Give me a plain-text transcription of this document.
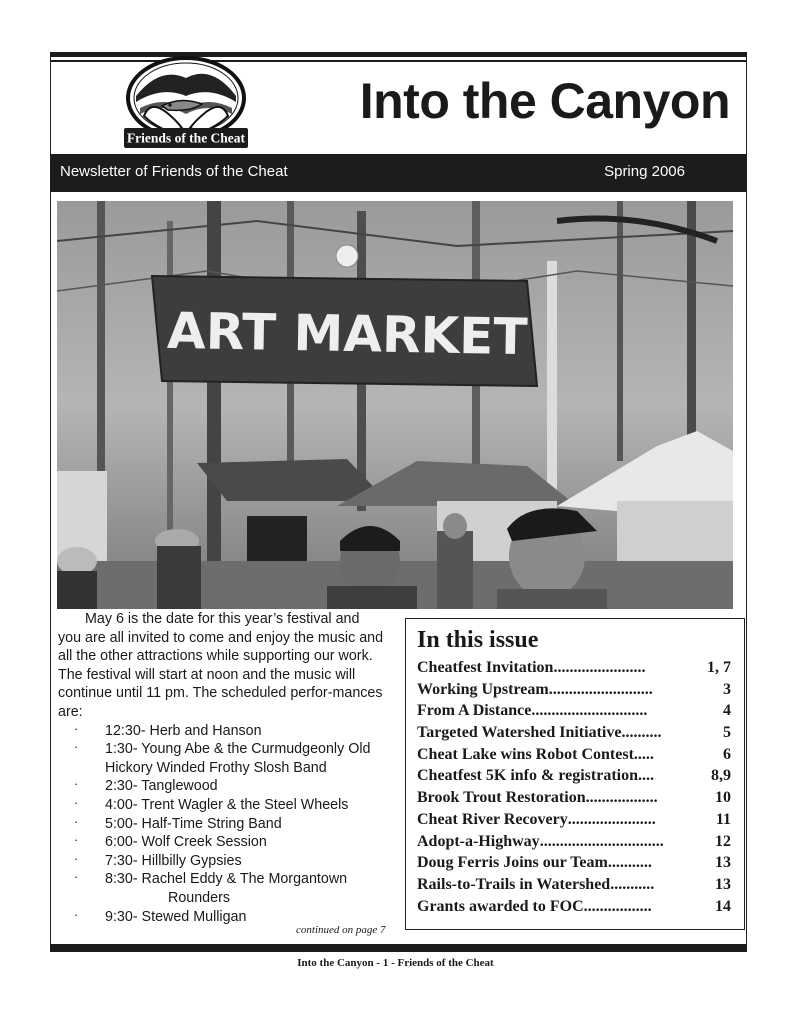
Friends of the Cheat
Into the Canyon
Newsletter of Friends of the Cheat	Spring 2006
ART MARKET

May 6 is the date for this year’s festival and you are all invited to come and enjoy the music and all the other attractions while supporting our work. The festival will start at noon and the music will continue until 11 pm. The scheduled perfor-mances are:

· 12:30- Herb and Hanson
· 1:30- Young Abe & the Curmudgeonly Old Hickory Winded Frothy Slosh Band
· 2:30- Tanglewood
· 4:00- Trent Wagler & the Steel Wheels
· 5:00- Half-Time String Band
· 6:00- Wolf Creek Session
· 7:30- Hillbilly Gypsies
· 8:30- Rachel Eddy & The Morgantown
Rounders
· 9:30- Stewed Mulligan
continued on page 7
In this issue
Cheatfest Invitation .......................	1, 7
Working Upstream ..........................	3
From A Distance .............................	4
Targeted Watershed Initiative ..........	5
Cheat Lake wins Robot Contest .....	6
Cheatfest 5K info & registration ....	8,9
Brook Trout Restoration ..................	10
Cheat River Recovery ......................	11
Adopt-a-Highway ...............................	12
Doug Ferris Joins our Team ...........	13
Rails-to-Trails in Watershed ...........	13
Grants awarded to FOC .................	14
Into the Canyon - 1 - Friends of the Cheat
